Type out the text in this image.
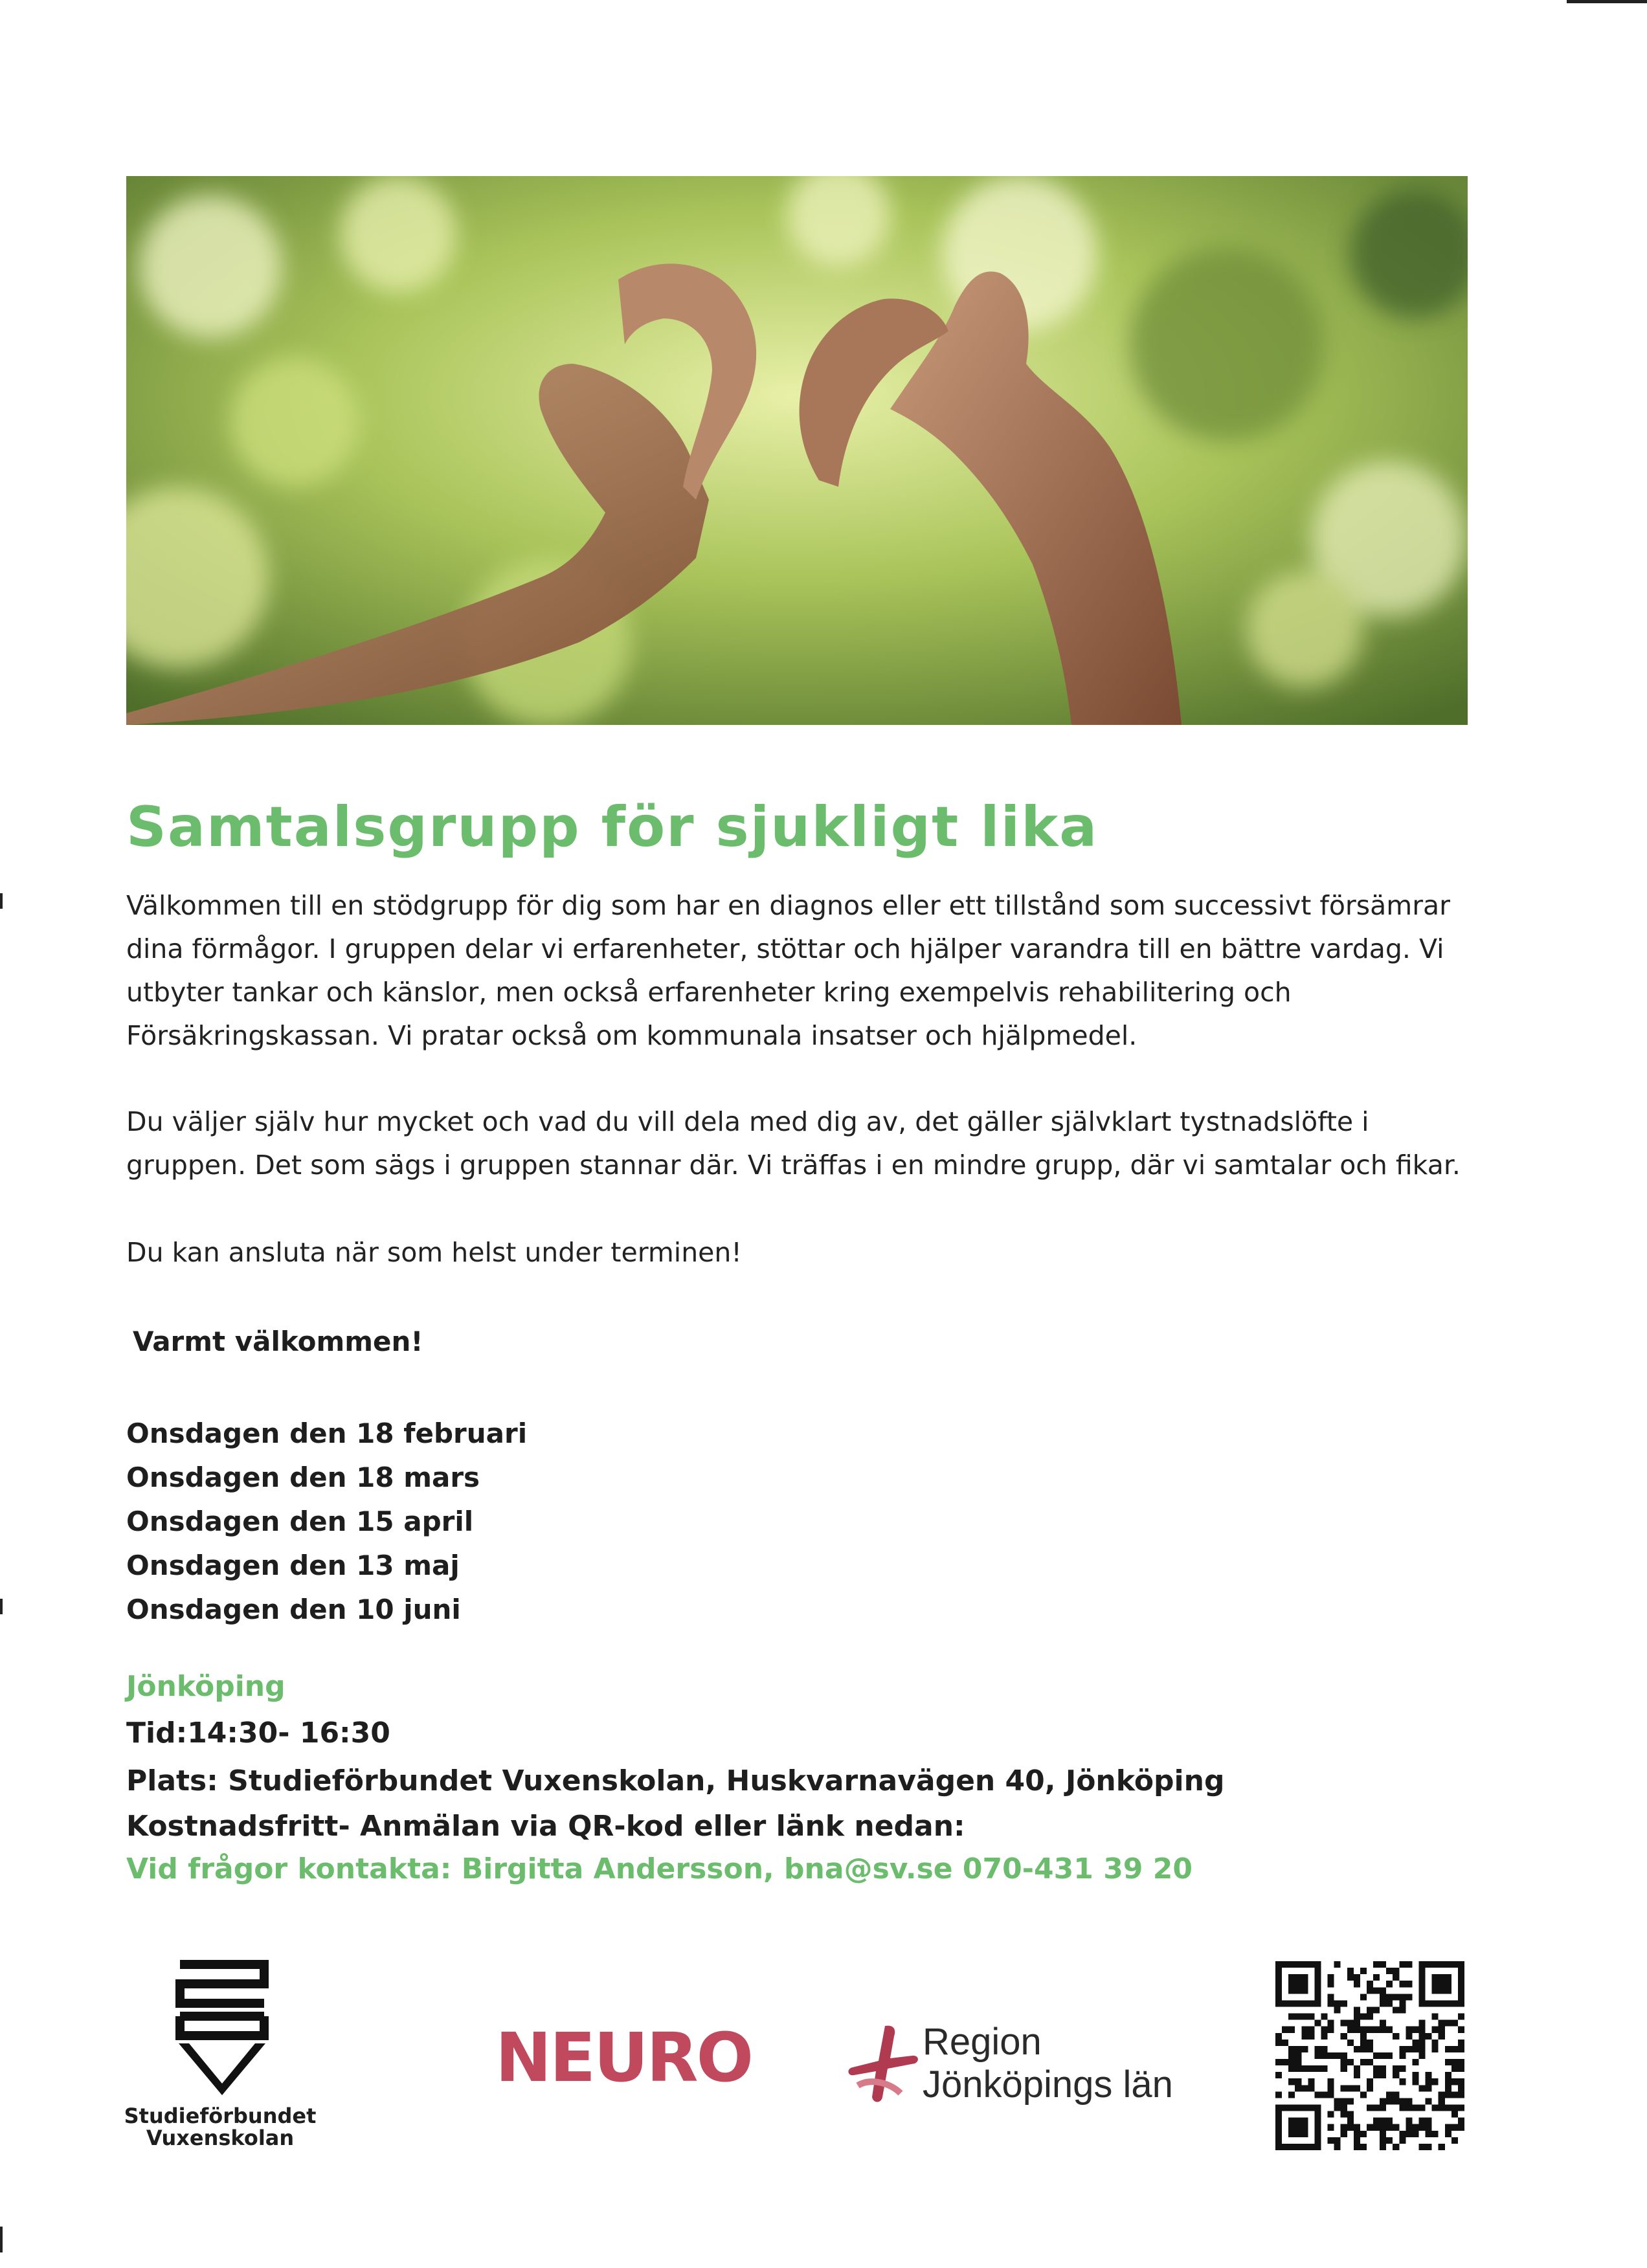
Samtalsgrupp för sjukligt lika
Välkommen till en stödgrupp för dig som har en diagnos eller ett tillstånd som successivt försämrar dina förmågor. I gruppen delar vi erfarenheter, stöttar och hjälper varandra till en bättre vardag. Vi utbyter tankar och känslor, men också erfarenheter kring exempelvis rehabilitering och Försäkringskassan. Vi pratar också om kommunala insatser och hjälpmedel.
Du väljer själv hur mycket och vad du vill dela med dig av, det gäller självklart tystnadslöfte i gruppen. Det som sägs i gruppen stannar där. Vi träffas i en mindre grupp, där vi samtalar och fikar.
Du kan ansluta när som helst under terminen!
Varmt välkommen!
Onsdagen den 18 februari
Onsdagen den 18 mars
Onsdagen den 15 april
Onsdagen den 13 maj
Onsdagen den 10 juni
Jönköping
Tid:14:30- 16:30
Plats: Studieförbundet Vuxenskolan, Huskvarnavägen 40, Jönköping
Kostnadsfritt- Anmälan via QR-kod eller länk nedan:
Vid frågor kontakta: Birgitta Andersson, bna@sv.se 070-431 39 20
Studieförbundet
Vuxenskolan
NEURO	Region
Jönköpings län
